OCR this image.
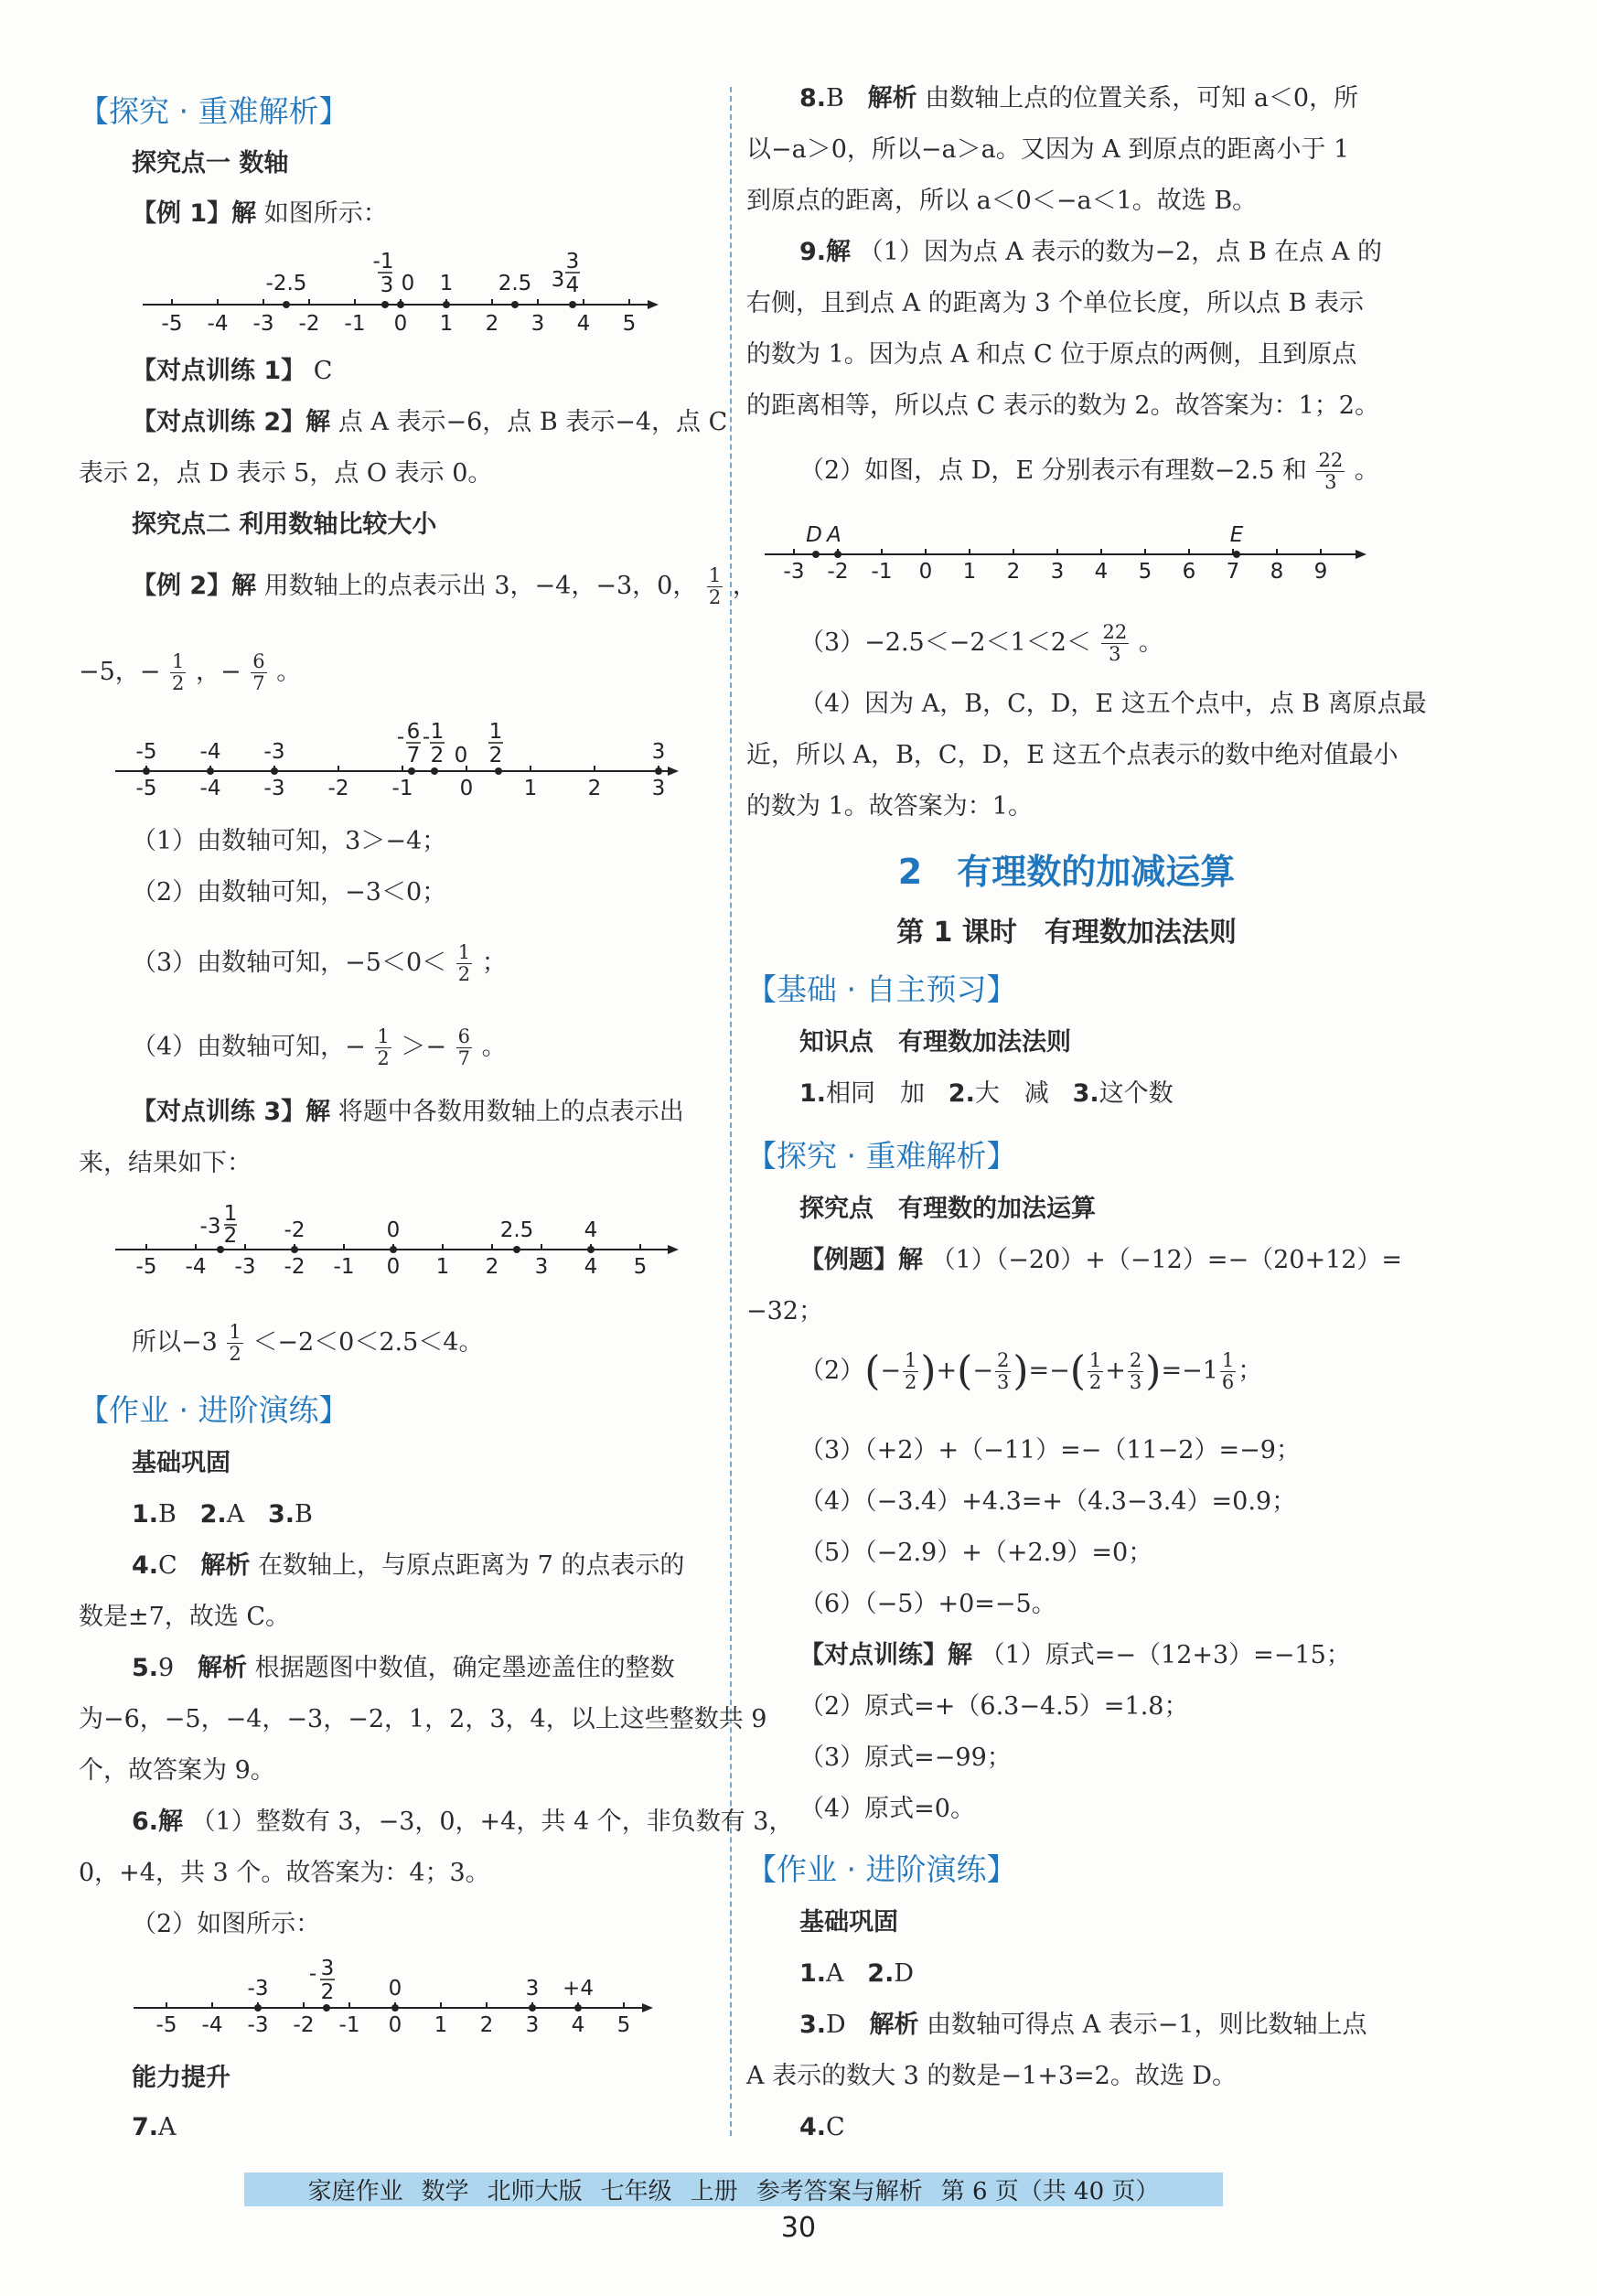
【探究 · 重难解析】
探究点一 数轴
【例 1】解 如图所示：
-5 -4 -3 -2 -1 0 1 2 3 4 5
-2.5	1 2.5
-1
3 0	3
3
4
【对点训练 1】 C
【对点训练 2】解 点 A 表示−6，点 B 表示−4，点 C
表示 2，点 D 表示 5，点 O 表示 0。
探究点二 利用数轴比较大小
【例 2】解 用数轴上的点表示出 3，−4，−3，0， $\frac{1}{2}$ ，
−5，− $\frac{1}{2}$ ，− $\frac{6}{7}$ 。
-5 -4 -3 -2 -1 0 1 2 3
-5 -4 -3
- 6
7
- 1
2 0
1
2	3
（1）由数轴可知，3＞−4；
（2）由数轴可知，−3＜0；
（3）由数轴可知，$-5<0< \frac{1}{2}$ ；
（4）由数轴可知，− $\frac{1}{2} >- \frac{6}{7}$ 。
【对点训练 3】解 将题中各数用数轴上的点表示出
来，结果如下：
-5 -4 -3 -2 -1 0 1 2 3 4 5
-3
1
2 -2	0	2.5 4
所以$-3 \frac{1}{2} <-2<0<2.5<4$。
【作业 · 进阶演练】
基础巩固
1.B 2.A 3.B
4.C 解析 在数轴上，与原点距离为 7 的点表示的
数是±7，故选 C。
5.9 解析 根据题图中数值，确定墨迹盖住的整数
为−6，−5，−4，−3，−2，1，2，3，4，以上这些整数共 9
个，故答案为 9。
6.解 （1）整数有 3，−3，0，+4，共 4 个，非负数有 3，
0，+4，共 3 个。故答案为：4；3。
（2）如图所示：
-5 -4 -3 -2 -1 0 1 2 3 4 5
-3
- 3
2	0	3 +4
能力提升
7.A
8.B 解析 由数轴上点的位置关系，可知 a＜0，所
以−a＞0，所以−a＞a。又因为 A 到原点的距离小于 1
到原点的距离，所以 a＜0＜−a＜1。故选 B。
9.解 （1）因为点 A 表示的数为−2，点 B 在点 A 的
右侧，且到点 A 的距离为 3 个单位长度，所以点 B 表示
的数为 1。因为点 A 和点 C 位于原点的两侧，且到原点
的距离相等，所以点 C 表示的数为 2。故答案为：1；2。
（2）如图，点 D，E 分别表示有理数−2.5 和 $\frac{22}{3}$ 。
-3 -2 -1 0 1 2 3 4 5 6 7 8 9
D A	E
$(3)-2.5<-2<1<2< \frac{22}{3}$ 。
（4）因为 A，B，C，D，E 这五个点中，点 B 离原点最
近，所以 A，B，C，D，E 这五个点表示的数中绝对值最小
的数为 1。故答案为：1。
2　有理数的加减运算
第 1 课时　有理数加法法则
【基础 · 自主预习】
知识点　有理数加法法则
1.相同　加 2.大　减 3.这个数
【探究 · 重难解析】
探究点　有理数的加法运算
【例题】解 （1）（−20）+（−12）=−（20+12）=
−32；
$(2)(- \frac{1}{2}$ )+(− $\frac{2}{3}$ )=−( $\frac{1}{2} + \frac{2}{3} )=-1 \frac{1}{6}$ ；
（3）（+2）+（−11）=−（11−2）=−9；
（4）（−3.4）+4.3=+（4.3−3.4）=0.9；
（5）（−2.9）+（+2.9）=0；
（6）（−5）+0=−5。
【对点训练】解 （1）原式=−（12+3）=−15；
（2）原式=+（6.3−4.5）=1.8；
（3）原式=−99；
（4）原式=0。
【作业 · 进阶演练】
基础巩固
1.A 2.D
3.D 解析 由数轴可得点 A 表示−1，则比数轴上点
A 表示的数大 3 的数是−1+3=2。故选 D。
4.C
家庭作业 数学 北师大版 七年级 上册 参考答案与解析 第 6 页（共 40 页）
30
